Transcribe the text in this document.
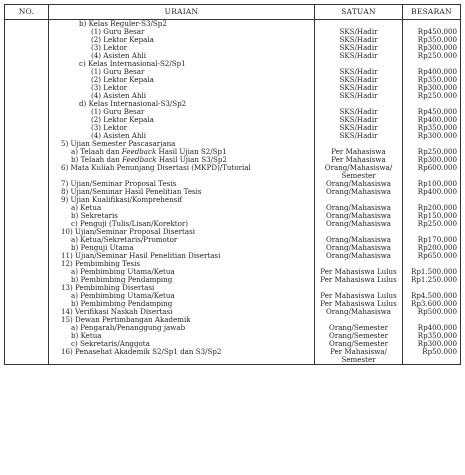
NO.	URAIAN	SATUAN	BESARAN
	b) Kelas Reguler-S3/Sp2		
	(1) Guru Besar	SKS/Hadir	Rp450.000
	(2) Lektor Kepala	SKS/Hadir	Rp350.000
	(3) Lektor	SKS/Hadir	Rp300.000
	(4) Asisten Ahli	SKS/Hadir	Rp250.000
	c) Kelas Internasional-S2/Sp1		
	(1) Guru Besar	SKS/Hadir	Rp400.000
	(2) Lektor Kepala	SKS/Hadir	Rp350.000
	(3) Lektor	SKS/Hadir	Rp300.000
	(4) Asisten Ahli	SKS/Hadir	Rp250.000
	d) Kelas Internasional-S3/Sp2		
	(1) Guru Besar	SKS/Hadir	Rp450.000
	(2) Lektor Kepala	SKS/Hadir	Rp400.000
	(3) Lektor	SKS/Hadir	Rp350.000
	(4) Asisten Ahli	SKS/Hadir	Rp300.000
	5) Ujian Semester Pascasarjana		
	a) Telaah dan Feedback Hasil Ujian S2/Sp1	Per Mahasiswa	Rp250.000
	b) Telaah dan Feedback Hasil Ujian S3/Sp2	Per Mahasiswa	Rp300.000
	6) Mata Kuliah Penunjang Disertasi (MKPD)/Tutorial	Orang/Mahasiswa/ Semester	Rp600.000
	7) Ujian/Seminar Proposal Tesis	Orang/Mahasiswa	Rp100.000
	8) Ujian/Seminar Hasil Penelitian Tesis	Orang/Mahasiswa	Rp400.000
	9) Ujian Kualifikasi/Komprehensif		
	a) Ketua	Orang/Mahasiswa	Rp200.000
	b) Sekretaris	Orang/Mahasiswa	Rp150.000
	c) Penguji (Tulis/Lisan/Korektor)	Orang/Mahasiswa	Rp250.000
	10) Ujian/Seminar Proposal Disertasi		
	a) Ketua/Sekretaris/Promotor	Orang/Mahasiswa	Rp170.000
	b) Penguji Utama	Orang/Mahasiswa	Rp200.000
	11) Ujian/Seminar Hasil Penelitian Disertasi	Orang/Mahasiswa	Rp650.000
	12) Pembimbing Tesis		
	a) Pembimbing Utama/Ketua	Per Mahasiswa Lulus	Rp1.500.000
	b) Pembimbing Pendamping	Per Mahasiswa Lulus	Rp1.250.000
	13) Pembimbing Disertasi		
	a) Pembimbing Utama/Ketua	Per Mahasiswa Lulus	Rp4.500.000
	b) Pembimbing Pendamping	Per Mahasiswa Lulus	Rp3.600.000
	14) Verifikasi Naskah Disertasi	Orang/Mahasiswa	Rp500.000
	15) Dewan Pertimbangan Akademik		
	a) Pengarah/Penanggung jawab	Orang/Semester	Rp400.000
	b) Ketua	Orang/Semester	Rp350.000
	c) Sekretaris/Anggota	Orang/Semester	Rp300.000
	16) Penasehat Akademik S2/Sp1 dan S3/Sp2	Per Mahasiswa/ Semester	Rp50.000
